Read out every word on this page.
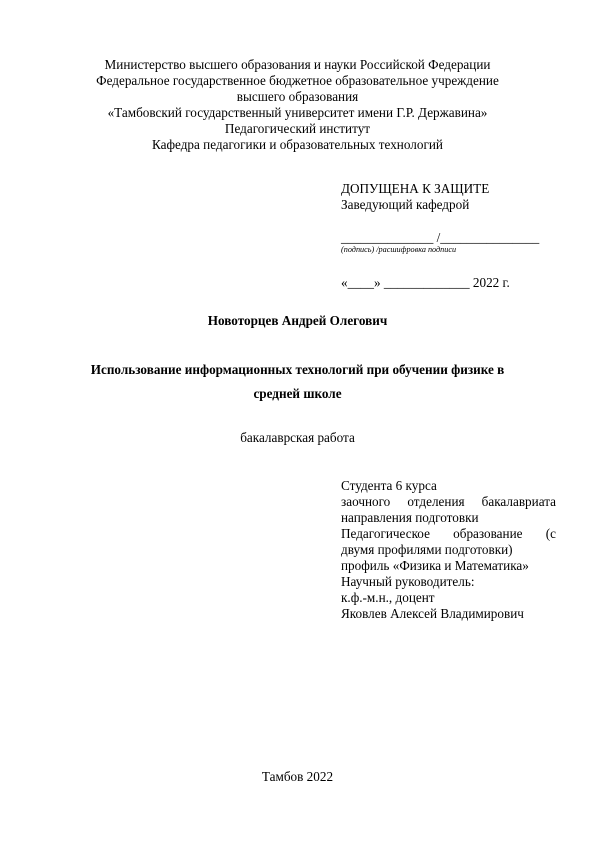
Министерство высшего образования и науки Российской Федерации
Федеральное государственное бюджетное образовательное учреждение
высшего образования
«Тамбовский государственный университет имени Г.Р. Державина»
Педагогический институт
Кафедра педагогики и образовательных технологий
ДОПУЩЕНА К ЗАЩИТЕ
Заведующий кафедрой
______________ /_______________
(подпись) /расшифровка подписи
«____» _____________ 2022 г.
Новоторцев Андрей Олегович
Использование информационных технологий при обучении физике в
средней школе
бакалаврская работа
Студента 6 курса
заочного отделения бакалавриата
направления подготовки
Педагогическое образование (с
двумя профилями подготовки)
профиль «Физика и Математика»
Научный руководитель:
к.ф.-м.н., доцент
Яковлев Алексей Владимирович
Тамбов 2022
